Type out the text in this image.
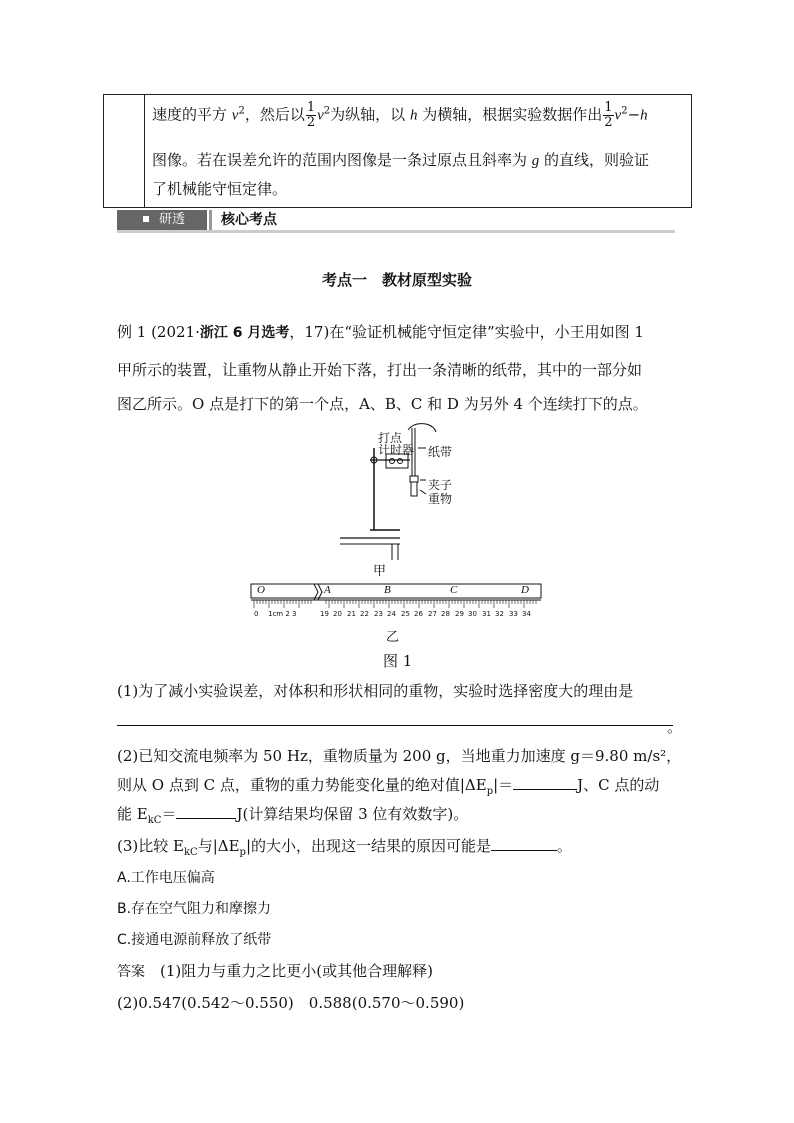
速度的平方 $v^2$，然后以 $\frac{1}{2} v^2$为纵轴，以 h 为横轴，根据实验数据作出 $\frac{1}{2} v^2-h$
图像。若在误差允许的范围内图像是一条过原点且斜率为 g 的直线，则验证
了机械能守恒定律。
研透	核心考点
考点一　教材原型实验
例 1 (2021·浙江 6 月选考，17)在“验证机械能守恒定律”实验中，小王用如图 1
甲所示的装置，让重物从静止开始下落，打出一条清晰的纸带，其中的一部分如
图乙所示。O 点是打下的第一个点，A、B、C 和 D 为另外 4 个连续打下的点。
打点
计时器 纸带
夹子
重物
甲
O	A	B	C	D
0 1cm 2 3	19 20 21 22 23 24 25 26 27 28 29 30 31 32 33 34
乙
图 1
(1)为了减小实验误差，对体积和形状相同的重物，实验时选择密度大的理由是
。
(2)已知交流电频率为 50 Hz，重物质量为 200 g，当地重力加速度 g＝9.80 m/s²，
则从 O 点到 C 点，重物的重力势能变化量的绝对值$|\Delta E_p|=$	J、C 点的动
能 $E_{kC}=$	J(计算结果均保留 3 位有效数字)。
(3)比较 $E_{kC}$与$|\Delta E_p|$的大小，出现这一结果的原因可能是	。
A.工作电压偏高
B.存在空气阻力和摩擦力
C.接通电源前释放了纸带
答案　 (1)阻力与重力之比更小(或其他合理解释)
(2)0.547(0.542～0.550)　0.588(0.570～0.590)
